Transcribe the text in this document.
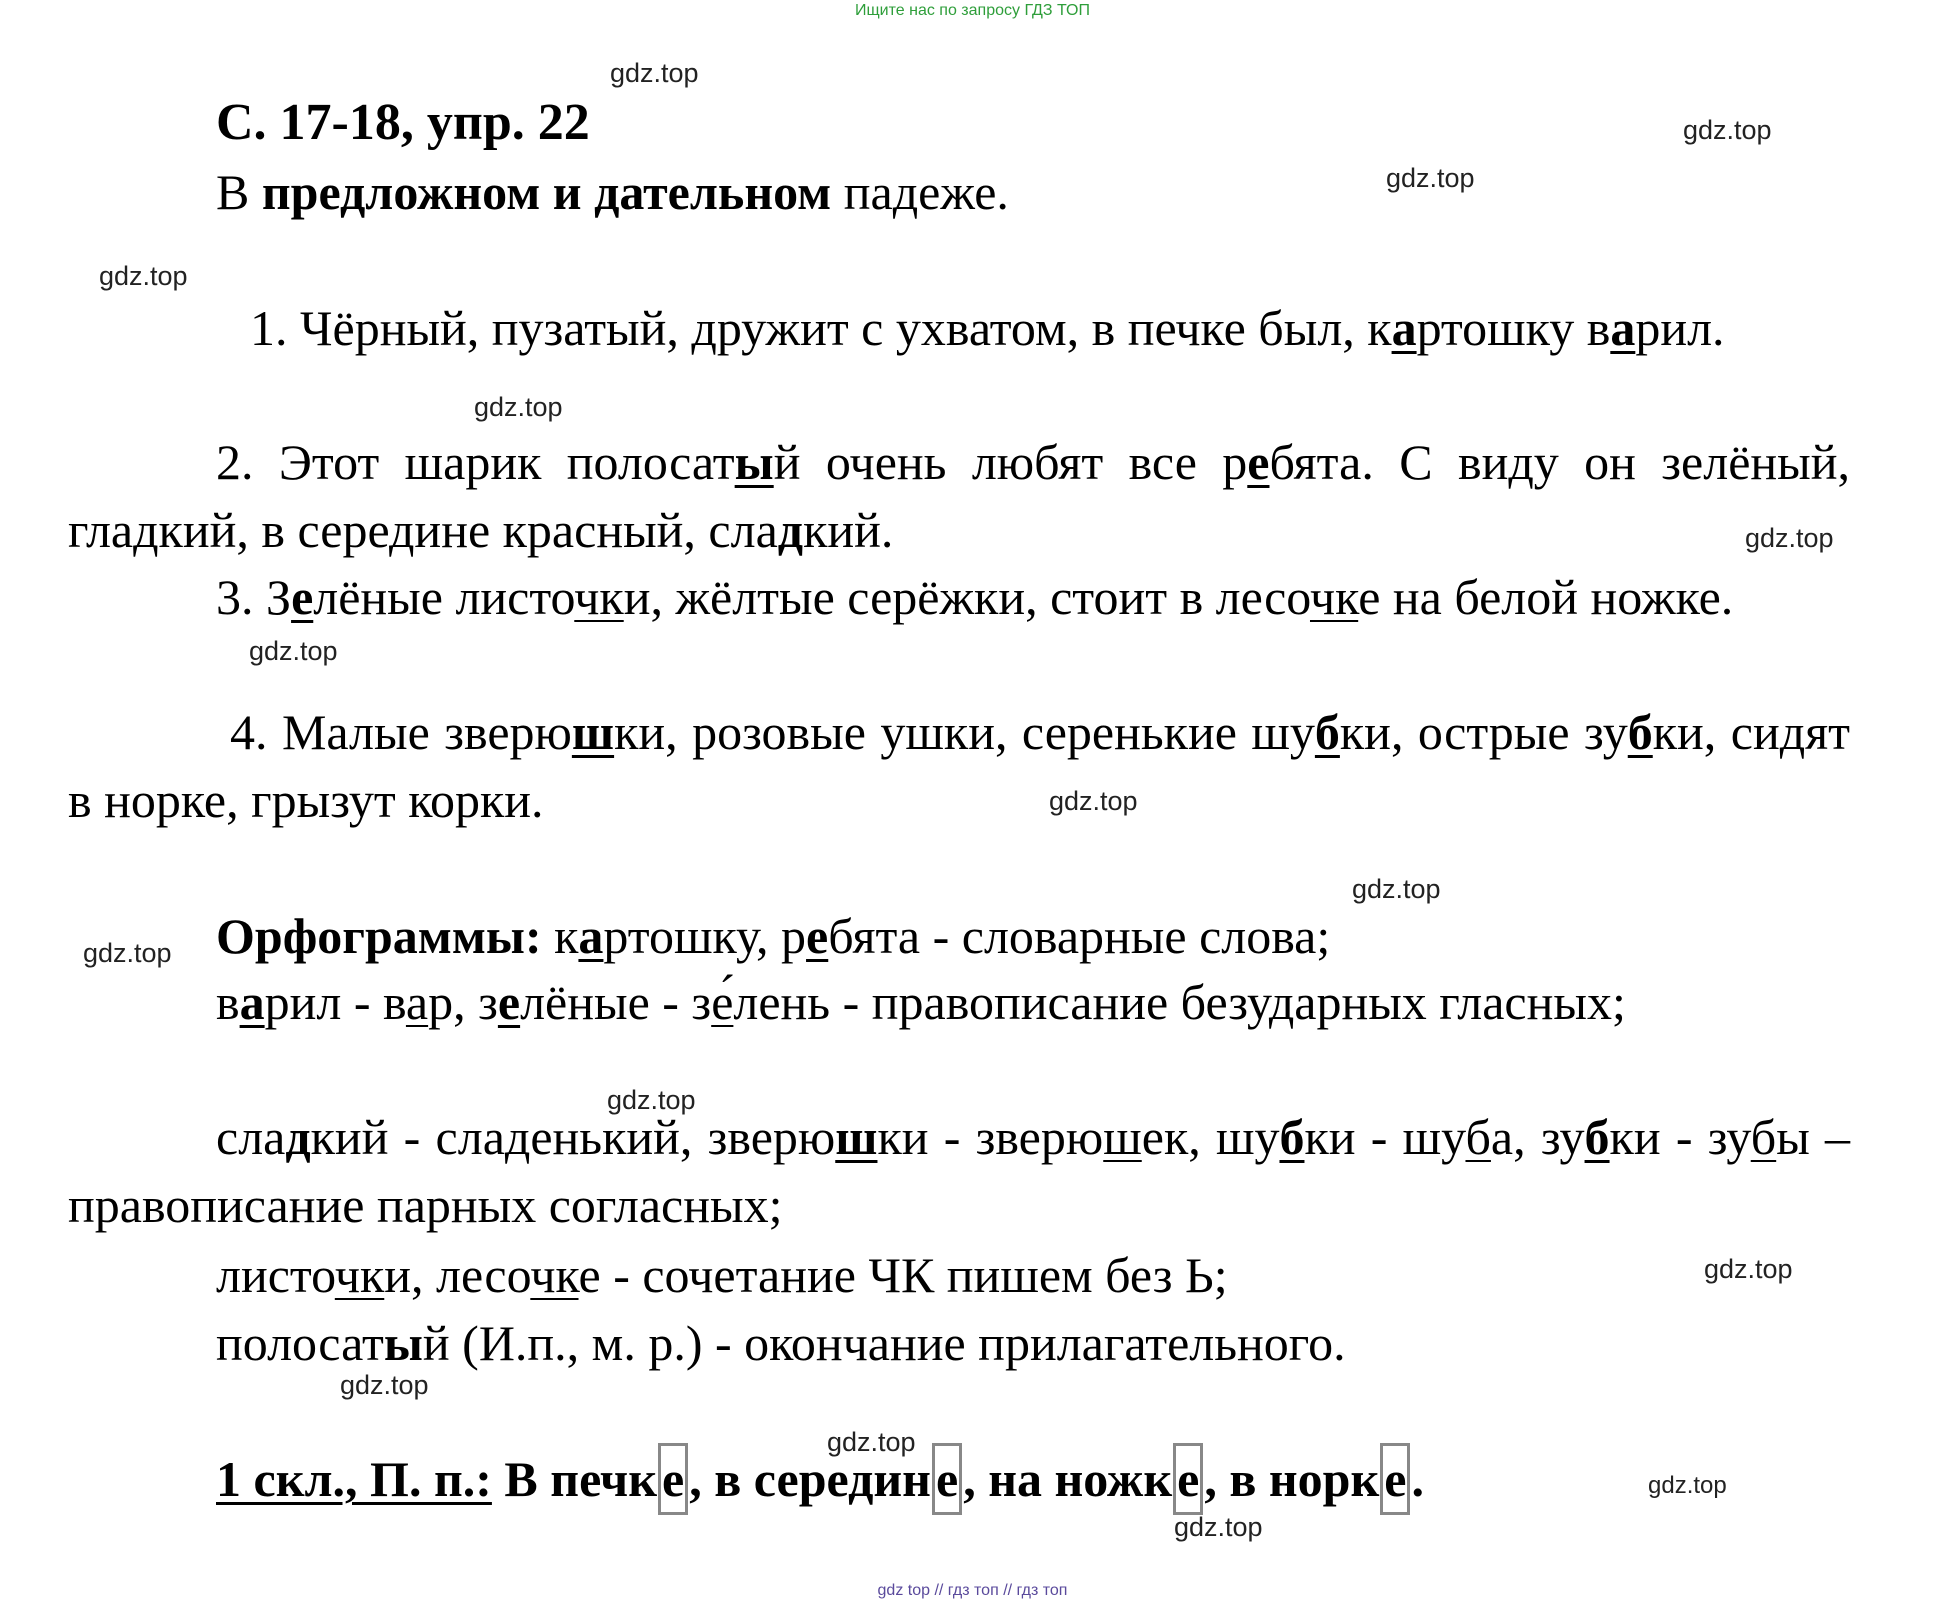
Ищите нас по запросу ГДЗ ТОП
gdz top // гдз топ // гдз топ
gdz.top
gdz.top
gdz.top
gdz.top
gdz.top
gdz.top
gdz.top
gdz.top
gdz.top
gdz.top
gdz.top
gdz.top
gdz.top
gdz.top
gdz.top
gdz.top
С. 17-18, упр. 22
В предложном и дательном падеже.
1. Чёрный, пузатый, дружит с ухватом, в печке был, картошку варил.
2. Этот шарик полосатый очень любят все ребята. С виду он зелёный, гладкий, в середине красный, сладкий.
3. Зелёные листочки, жёлтые серёжки, стоит в лесочке на белой ножке.
4. Малые зверюшки, розовые ушки, серенькие шубки, острые зубки, сидят в норке, грызут корки.
Орфограммы: картошку, ребята - словарные слова;
варил - вар, зелёные - зе́лень - правописание безударных гласных;
сладкий - сладенький, зверюшки - зверюшек, шубки - шуба, зубки - зубы – правописание парных согласных;
листочки, лесочке - сочетание ЧК пишем без Ь;
полосатый (И.п., м. р.) - окончание прилагательного.
1 скл., П. п.: В печк е , в середин е , на ножк е , в норк е .
